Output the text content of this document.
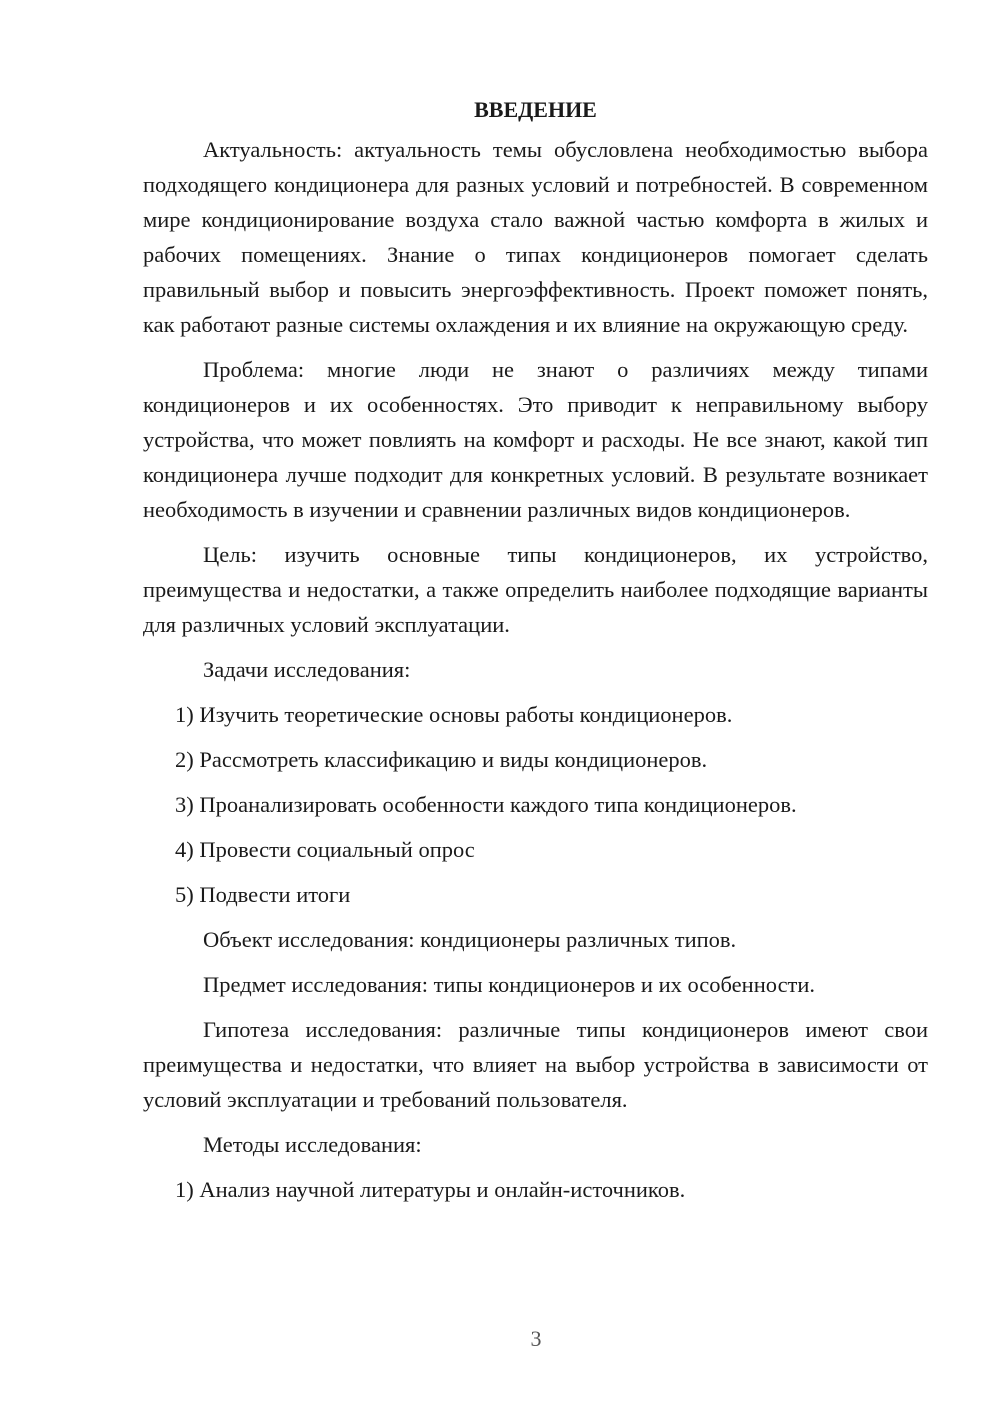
ВВЕДЕНИЕ

Актуальность: актуальность темы обусловлена необходимостью выбора подходящего кондиционера для разных условий и потребностей. В современном мире кондиционирование воздуха стало важной частью комфорта в жилых и рабочих помещениях. Знание о типах кондиционеров помогает сделать правильный выбор и повысить энергоэффективность. Проект поможет понять, как работают разные системы охлаждения и их влияние на окружающую среду.

Проблема: многие люди не знают о различиях между типами кондиционеров и их особенностях. Это приводит к неправильному выбору устройства, что может повлиять на комфорт и расходы. Не все знают, какой тип кондиционера лучше подходит для конкретных условий. В результате возникает необходимость в изучении и сравнении различных видов кондиционеров.

Цель: изучить основные типы кондиционеров, их устройство, преимущества и недостатки, а также определить наиболее подходящие варианты для различных условий эксплуатации.

Задачи исследования:
1) Изучить теоретические основы работы кондиционеров.
2) Рассмотреть классификацию и виды кондиционеров.
3) Проанализировать особенности каждого типа кондиционеров.
4) Провести социальный опрос
5) Подвести итоги
Объект исследования: кондиционеры различных типов.
Предмет исследования: типы кондиционеров и их особенности.

Гипотеза исследования: различные типы кондиционеров имеют свои преимущества и недостатки, что влияет на выбор устройства в зависимости от условий эксплуатации и требований пользователя.

Методы исследования:
1) Анализ научной литературы и онлайн-источников.
3
